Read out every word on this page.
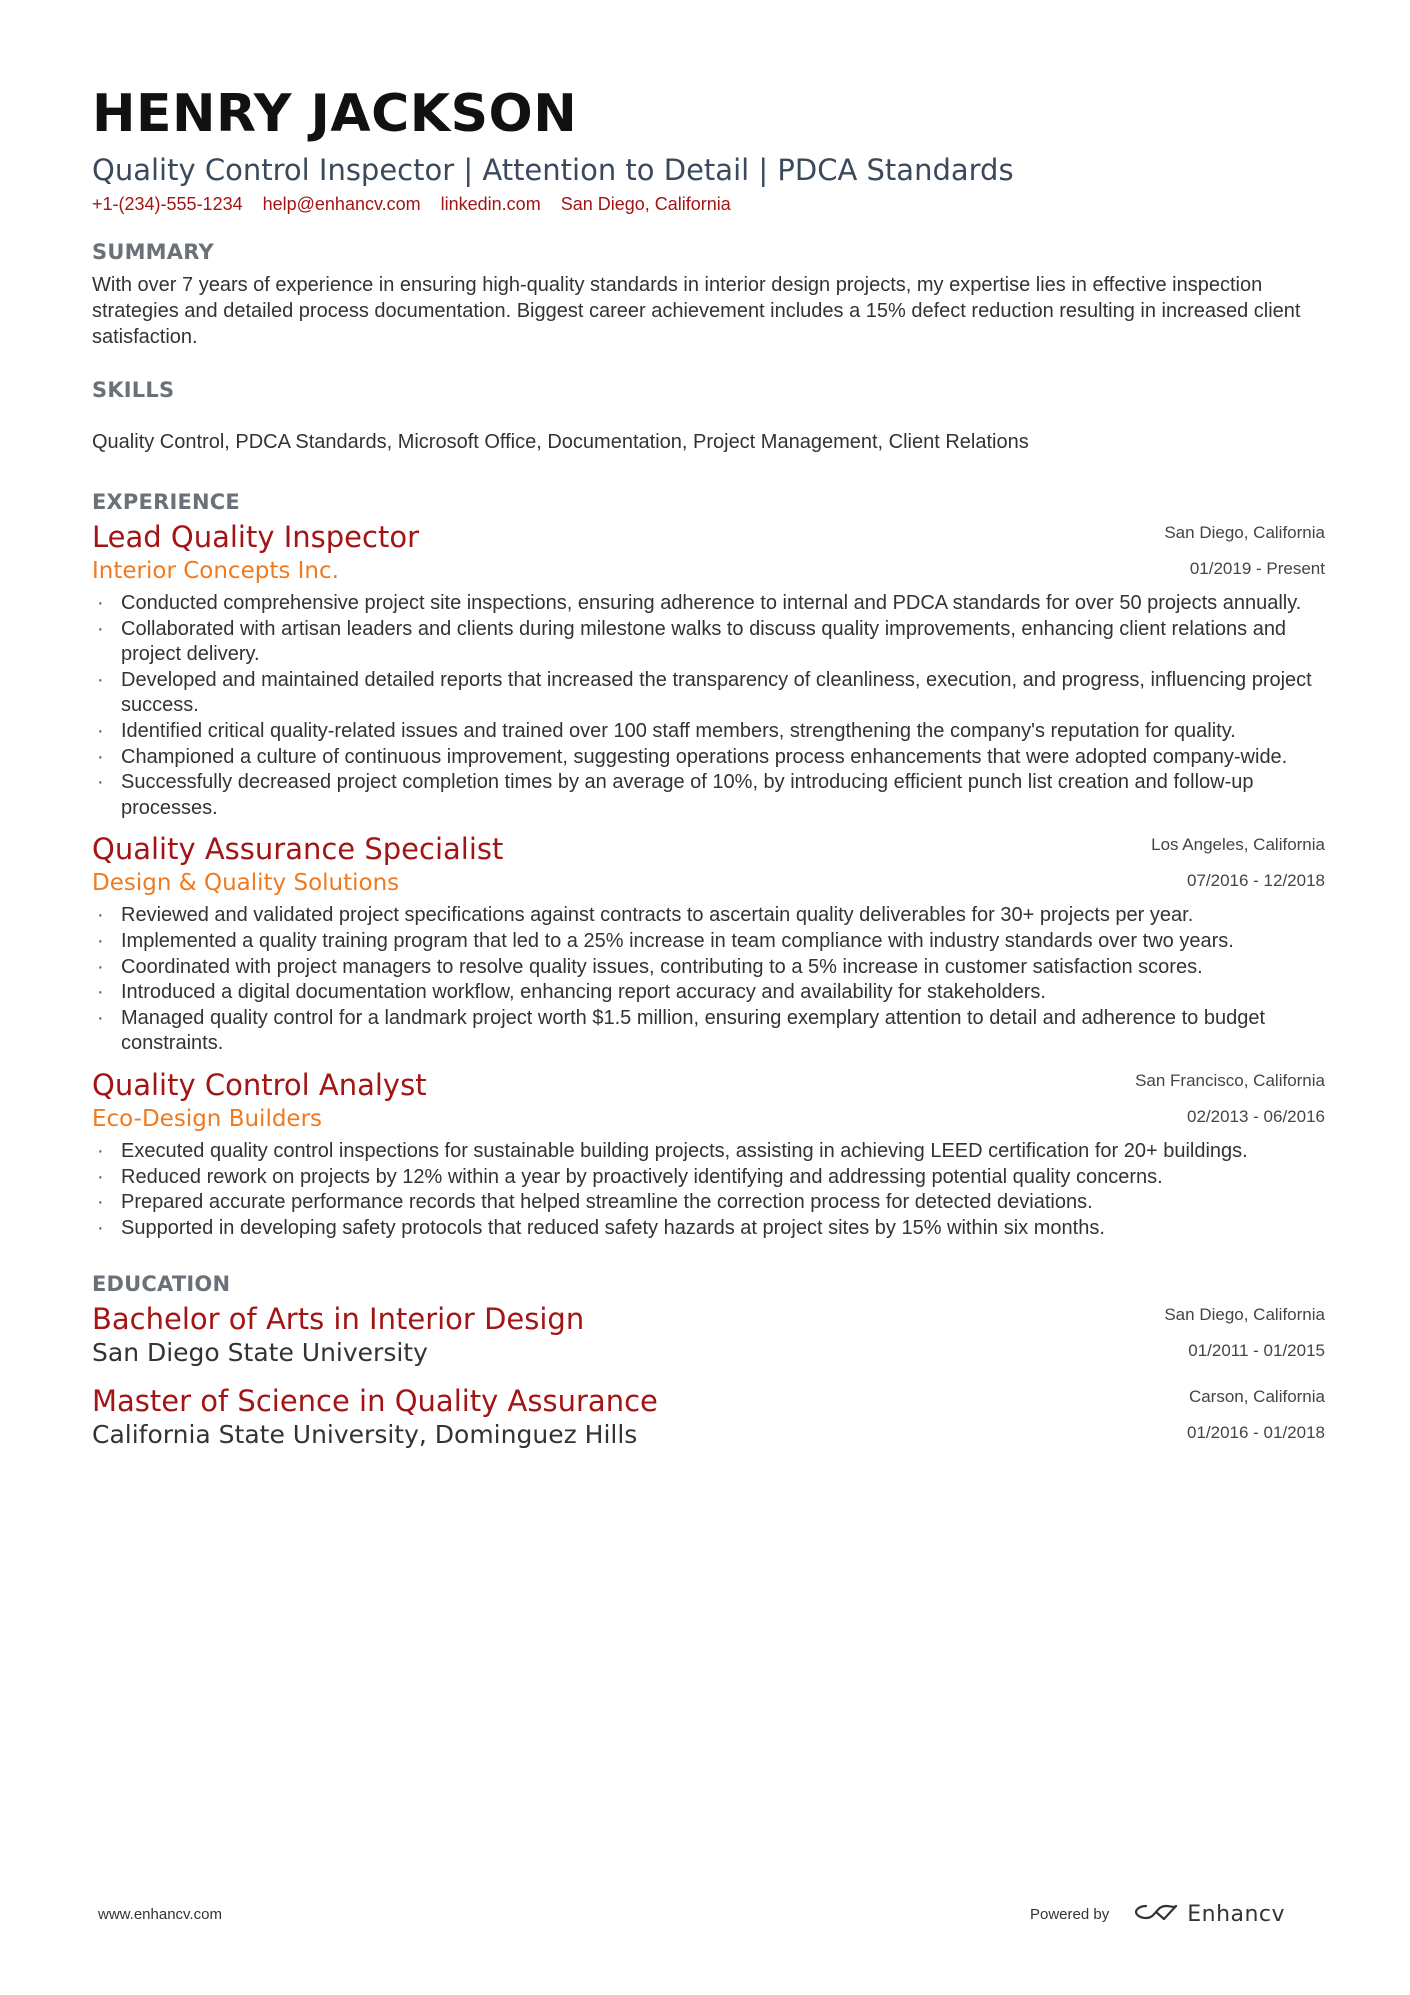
HENRY JACKSON
Quality Control Inspector | Attention to Detail | PDCA Standards
+1-(234)-555-1234 help@enhancv.com linkedin.com San Diego, California
SUMMARY
With over 7 years of experience in ensuring high-quality standards in interior design projects, my expertise lies in effective inspection strategies and detailed process documentation. Biggest career achievement includes a 15% defect reduction resulting in increased client satisfaction.
SKILLS
Quality Control, PDCA Standards, Microsoft Office, Documentation, Project Management, Client Relations
EXPERIENCE
Lead Quality Inspector
Interior Concepts Inc.
San Diego, California
01/2019 - Present
· Conducted comprehensive project site inspections, ensuring adherence to internal and PDCA standards for over 50 projects annually.
· Collaborated with artisan leaders and clients during milestone walks to discuss quality improvements, enhancing client relations and project delivery.
· Developed and maintained detailed reports that increased the transparency of cleanliness, execution, and progress, influencing project success.
· Identified critical quality-related issues and trained over 100 staff members, strengthening the company's reputation for quality.
· Championed a culture of continuous improvement, suggesting operations process enhancements that were adopted company-wide.
· Successfully decreased project completion times by an average of 10%, by introducing efficient punch list creation and follow-up processes.
Quality Assurance Specialist
Design & Quality Solutions
Los Angeles, California
07/2016 - 12/2018
· Reviewed and validated project specifications against contracts to ascertain quality deliverables for 30+ projects per year.
· Implemented a quality training program that led to a 25% increase in team compliance with industry standards over two years.
· Coordinated with project managers to resolve quality issues, contributing to a 5% increase in customer satisfaction scores.
· Introduced a digital documentation workflow, enhancing report accuracy and availability for stakeholders.
· Managed quality control for a landmark project worth $1.5 million, ensuring exemplary attention to detail and adherence to budget constraints.
Quality Control Analyst
Eco-Design Builders
San Francisco, California
02/2013 - 06/2016
· Executed quality control inspections for sustainable building projects, assisting in achieving LEED certification for 20+ buildings.
· Reduced rework on projects by 12% within a year by proactively identifying and addressing potential quality concerns.
· Prepared accurate performance records that helped streamline the correction process for detected deviations.
· Supported in developing safety protocols that reduced safety hazards at project sites by 15% within six months.
EDUCATION
Bachelor of Arts in Interior Design
San Diego State University
San Diego, California
01/2011 - 01/2015
Master of Science in Quality Assurance
California State University, Dominguez Hills
Carson, California
01/2016 - 01/2018
www.enhancv.com	Powered by	Enhancv
